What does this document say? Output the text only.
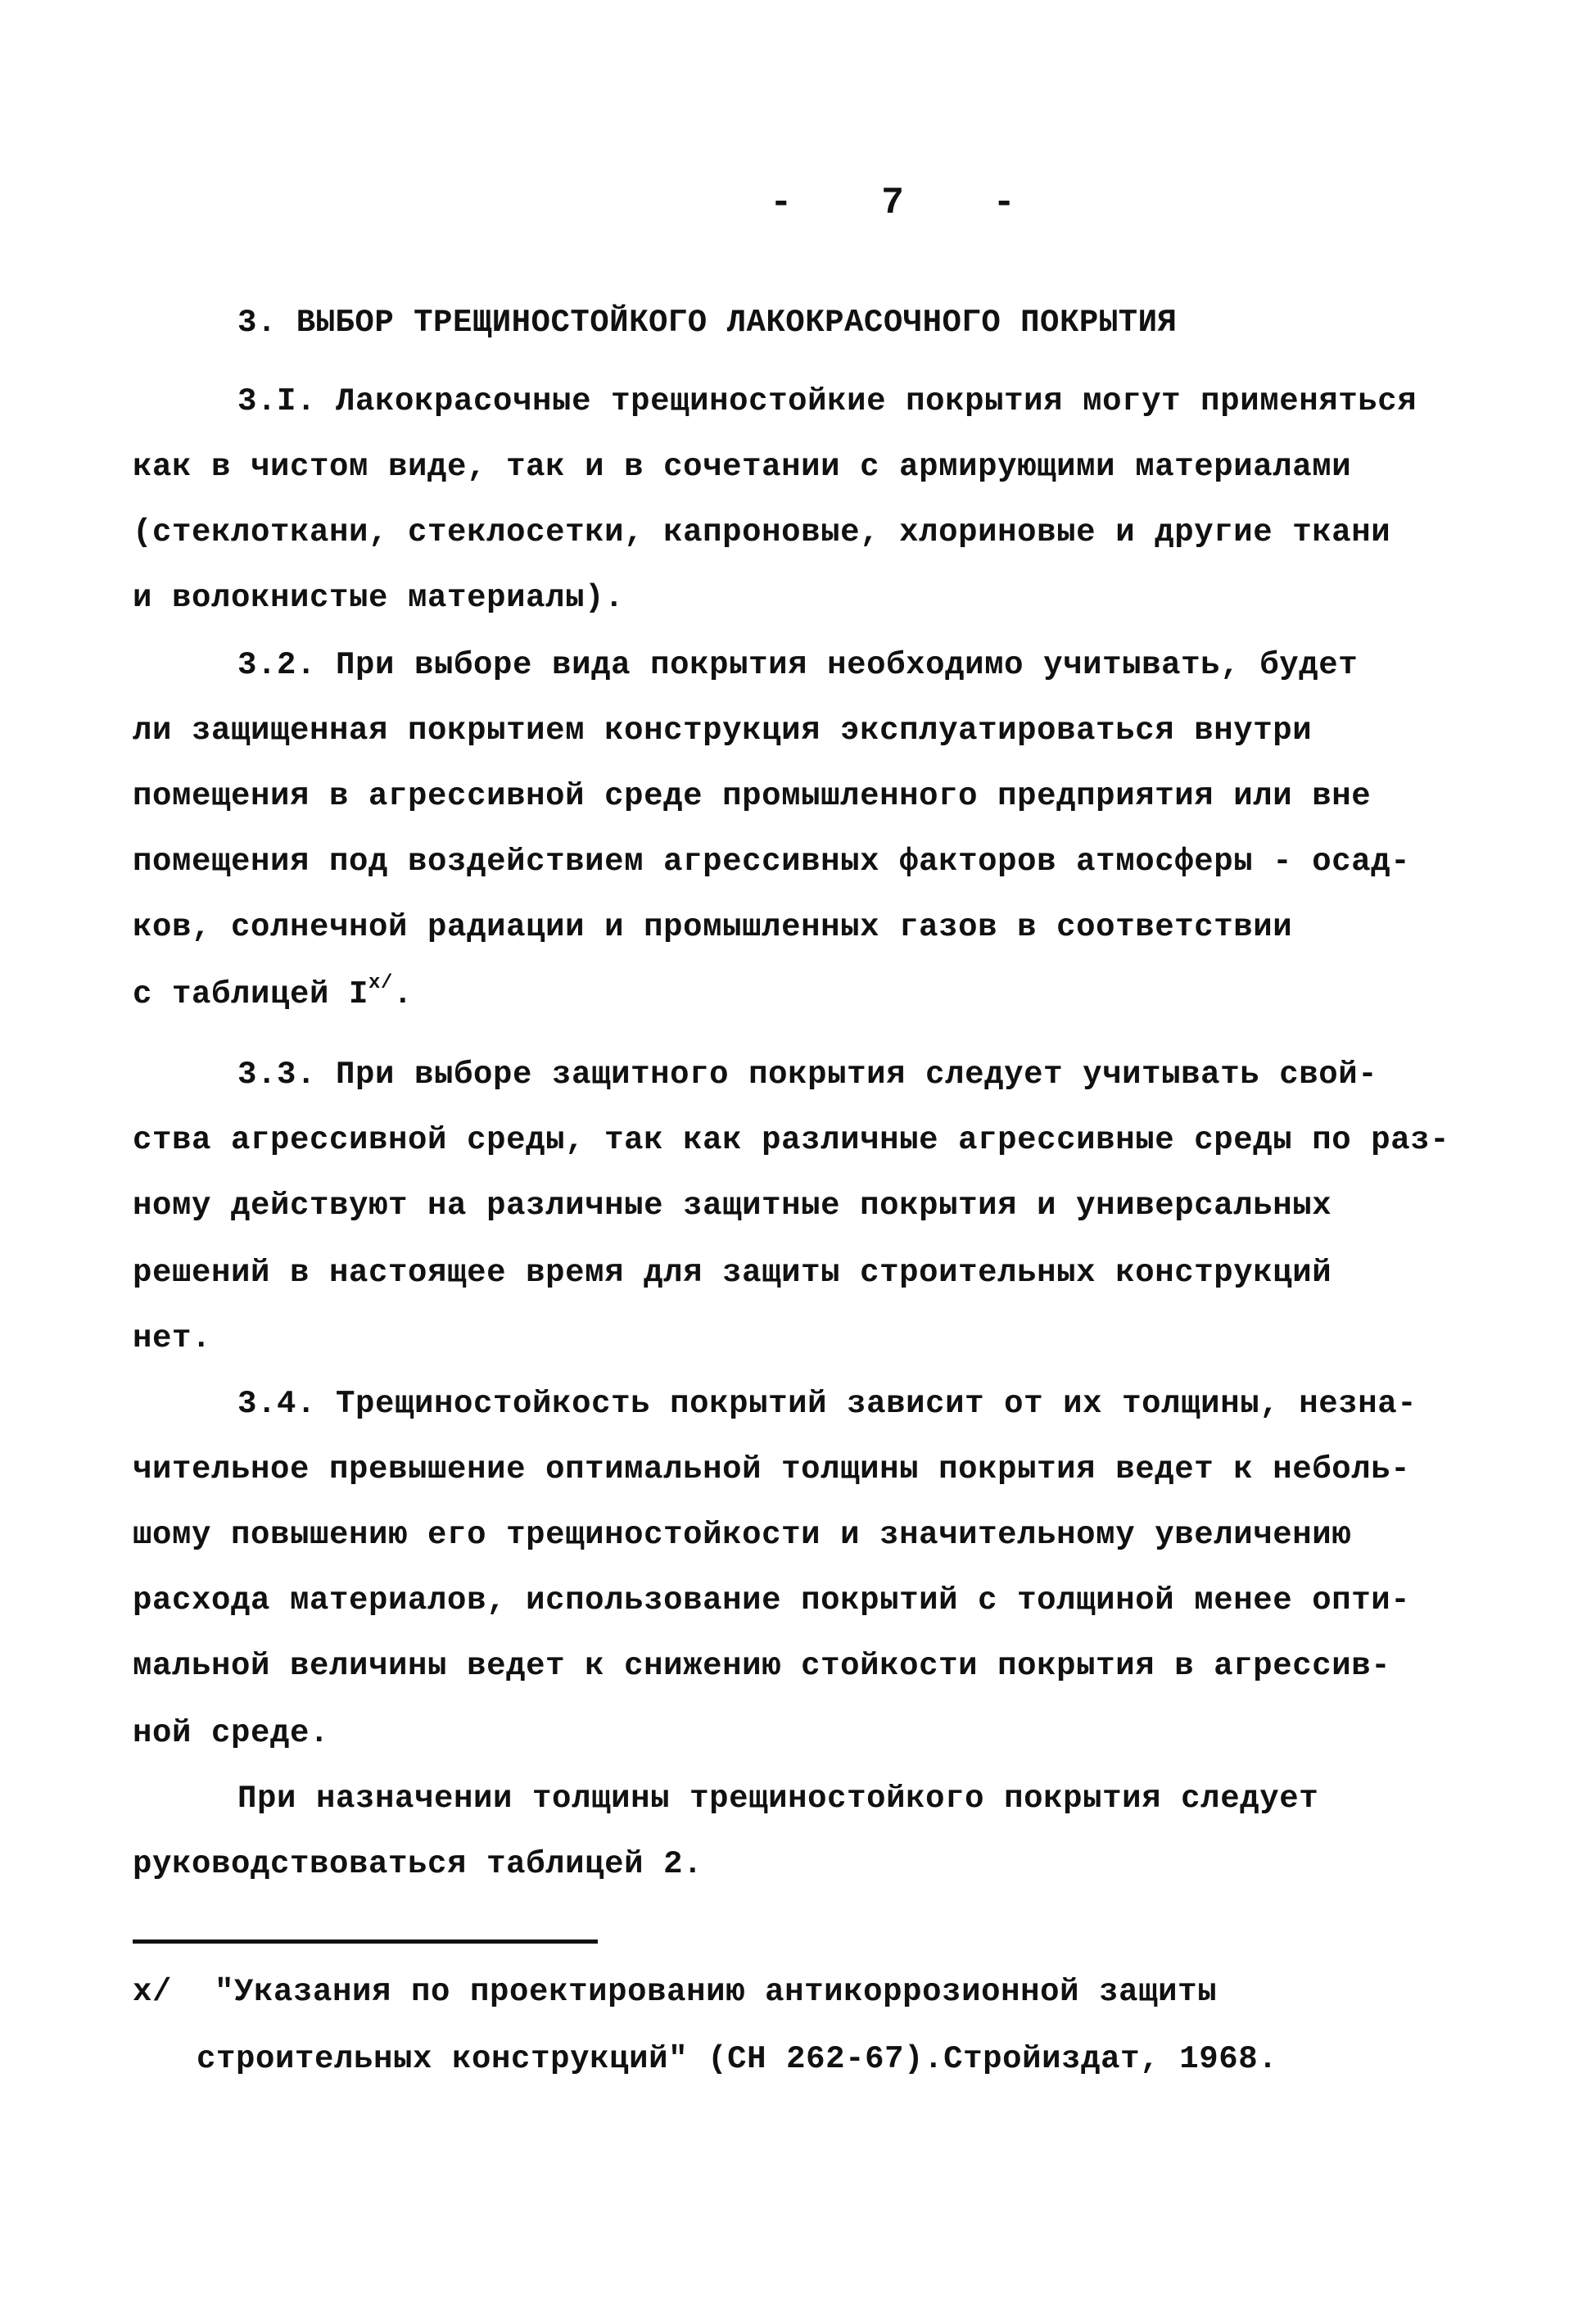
- 7 -
3. ВЫБОР ТРЕЩИНОСТОЙКОГО ЛАКОКРАСОЧНОГО ПОКРЫТИЯ
3.I. Лакокрасочные трещиностойкие покрытия могут применяться
как в чистом виде, так и в сочетании с армирующими материалами
(стеклоткани, стеклосетки, капроновые, хлориновые и другие ткани
и волокнистые материалы).
3.2. При выборе вида покрытия необходимо учитывать, будет
ли защищенная покрытием конструкция эксплуатироваться внутри
помещения в агрессивной среде промышленного предприятия или вне
помещения под воздействием агрессивных факторов атмосферы - осад-
ков, солнечной радиации и промышленных газов в соответствии
с таблицей $I^{х/}$.
3.3. При выборе защитного покрытия следует учитывать свой-
ства агрессивной среды, так как различные агрессивные среды по раз-
ному действуют на различные защитные покрытия и универсальных
решений в настоящее время для защиты строительных конструкций
нет.
3.4. Трещиностойкость покрытий зависит от их толщины, незна-
чительное превышение оптимальной толщины покрытия ведет к неболь-
шому повышению его трещиностойкости и значительному увеличению
расхода материалов, использование покрытий с толщиной менее опти-
мальной величины ведет к снижению стойкости покрытия в агрессив-
ной среде.
При назначении толщины трещиностойкого покрытия следует
руководствоваться таблицей 2.
х/ "Указания по проектированию антикоррозионной защиты
строительных конструкций" (СН 262-67).Стройиздат, 1968.
